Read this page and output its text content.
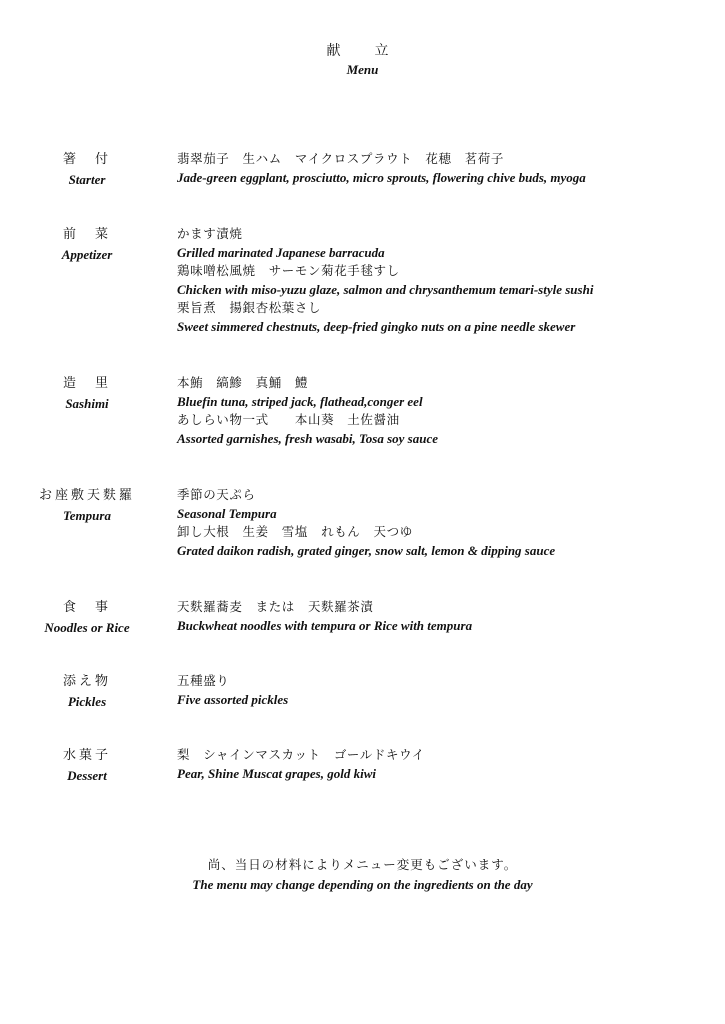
献　立
Menu
箸　付
Starter
翡翠茄子　生ハム　マイクロスプラウト　花穂　茗荷子
Jade-green eggplant, prosciutto, micro sprouts, flowering chive buds, myoga
前　菜
Appetizer
かます漬焼
Grilled marinated Japanese barracuda
鶏味噌松風焼　サーモン菊花手毬すし
Chicken with miso-yuzu glaze, salmon and chrysanthemum temari-style sushi
栗旨煮　揚銀杏松葉さし
Sweet simmered chestnuts, deep-fried gingko nuts on a pine needle skewer
造　里
Sashimi
本鮪　縞鯵　真鯒　鱧
Bluefin tuna, striped jack, flathead,conger eel
あしらい物一式　　本山葵　土佐醤油
Assorted garnishes, fresh wasabi, Tosa soy sauce
お座敷天麩羅
Tempura
季節の天ぷら
Seasonal Tempura
卸し大根　生姜　雪塩　れもん　天つゆ
Grated daikon radish, grated ginger, snow salt, lemon & dipping sauce
食　事
Noodles or Rice
天麩羅蕎麦　または　天麩羅茶漬
Buckwheat noodles with tempura or Rice with tempura
添え物
Pickles
五種盛り
Five assorted pickles
水菓子
Dessert
梨　シャインマスカット　ゴールドキウイ
Pear, Shine Muscat grapes, gold kiwi
尚、当日の材料によりメニュー変更もございます。
The menu may change depending on the ingredients on the day
